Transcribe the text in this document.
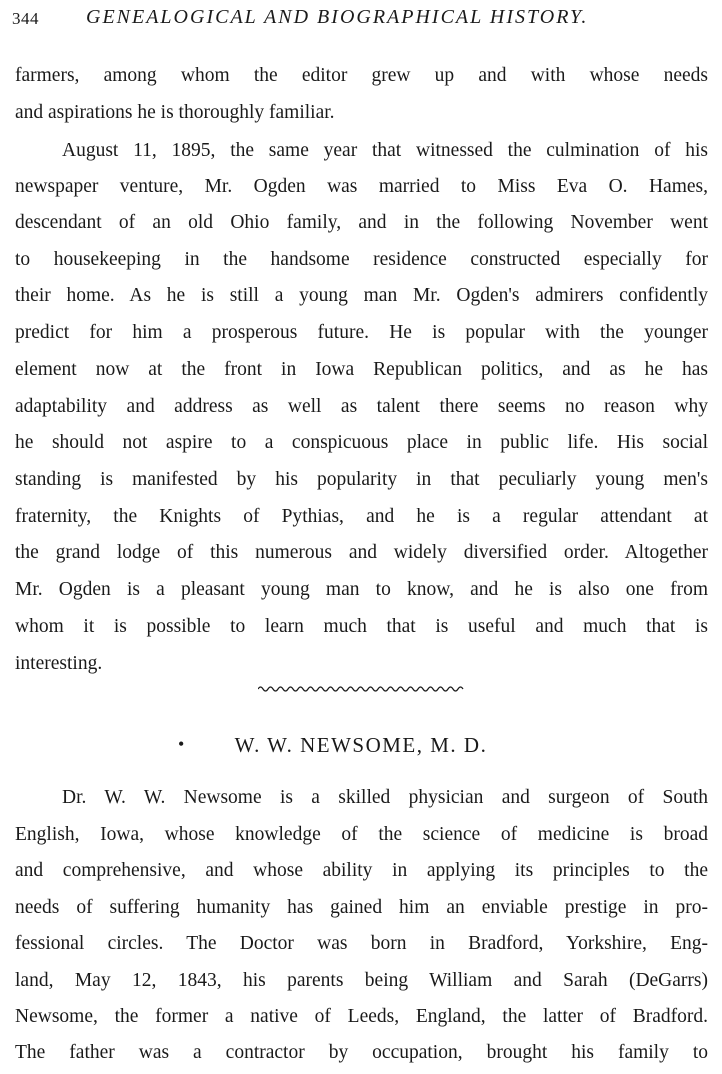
344 GENEALOGICAL AND BIOGRAPHICAL HISTORY.
farmers, among whom the editor grew up and with whose needs
and aspirations he is thoroughly familiar.
August 11, 1895, the same year that witnessed the culmination of his
newspaper venture, Mr. Ogden was married to Miss Eva O. Hames,
descendant of an old Ohio family, and in the following November went
to housekeeping in the handsome residence constructed especially for
their home. As he is still a young man Mr. Ogden's admirers confidently
predict for him a prosperous future. He is popular with the younger
element now at the front in Iowa Republican politics, and as he has
adaptability and address as well as talent there seems no reason why
he should not aspire to a conspicuous place in public life. His social
standing is manifested by his popularity in that peculiarly young men's
fraternity, the Knights of Pythias, and he is a regular attendant at
the grand lodge of this numerous and widely diversified order. Altogether
Mr. Ogden is a pleasant young man to know, and he is also one from
whom it is possible to learn much that is useful and much that is
interesting.
•	W. W. NEWSOME, M. D.
Dr. W. W. Newsome is a skilled physician and surgeon of South
English, Iowa, whose knowledge of the science of medicine is broad
and comprehensive, and whose ability in applying its principles to the
needs of suffering humanity has gained him an enviable prestige in pro-
fessional circles. The Doctor was born in Bradford, Yorkshire, Eng-
land, May 12, 1843, his parents being William and Sarah (DeGarrs)
Newsome, the former a native of Leeds, England, the latter of Bradford.
The father was a contractor by occupation, brought his family to
